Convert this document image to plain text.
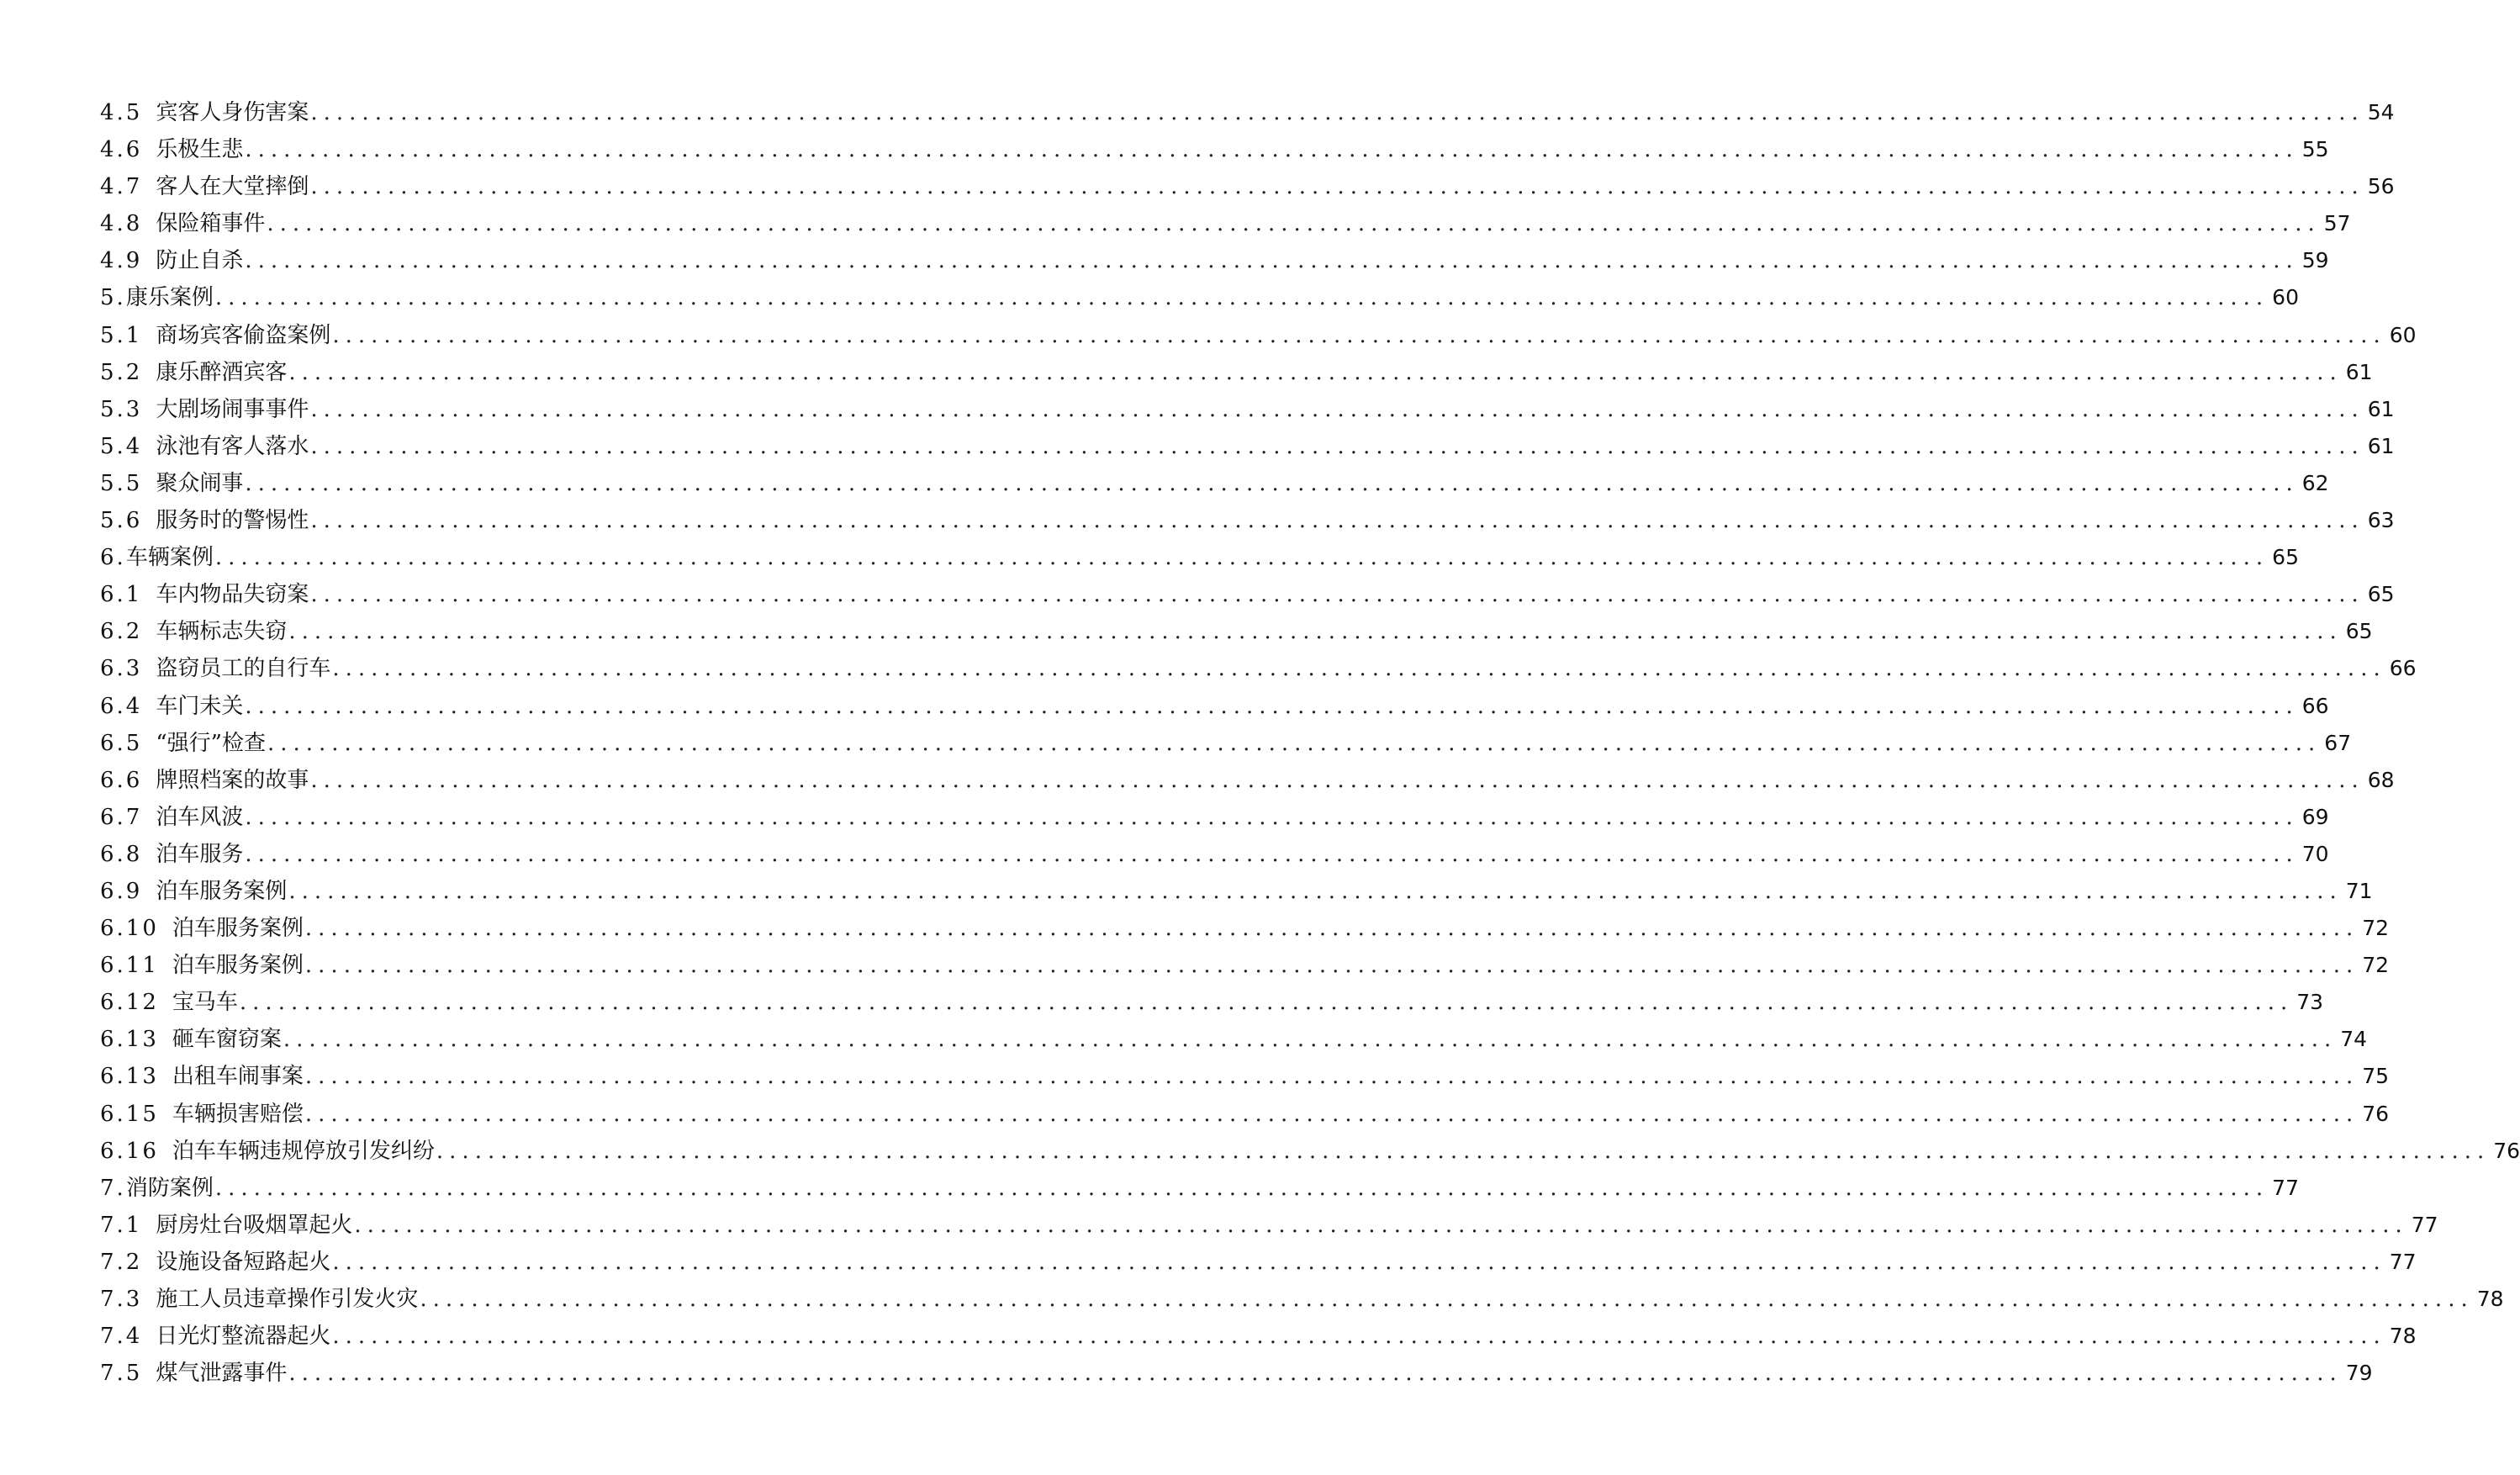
4.5 宾客人身伤害案 ................................................................................................................................................................ 54
4.6 乐极生悲 ................................................................................................................................................................ 55
4.7 客人在大堂摔倒 ................................................................................................................................................................ 56
4.8 保险箱事件 ................................................................................................................................................................ 57
4.9 防止自杀 ................................................................................................................................................................ 59
5. 康乐案例 ................................................................................................................................................................ 60
5.1 商场宾客偷盗案例 ................................................................................................................................................................ 60
5.2 康乐醉酒宾客 ................................................................................................................................................................ 61
5.3 大剧场闹事事件 ................................................................................................................................................................ 61
5.4 泳池有客人落水 ................................................................................................................................................................ 61
5.5 聚众闹事 ................................................................................................................................................................ 62
5.6 服务时的警惕性 ................................................................................................................................................................ 63
6. 车辆案例 ................................................................................................................................................................ 65
6.1 车内物品失窃案 ................................................................................................................................................................ 65
6.2 车辆标志失窃 ................................................................................................................................................................ 65
6.3 盗窃员工的自行车 ................................................................................................................................................................ 66
6.4 车门未关 ................................................................................................................................................................ 66
6.5 “强行”检查 ................................................................................................................................................................ 67
6.6 牌照档案的故事 ................................................................................................................................................................ 68
6.7 泊车风波 ................................................................................................................................................................ 69
6.8 泊车服务 ................................................................................................................................................................ 70
6.9 泊车服务案例 ................................................................................................................................................................ 71
6.10 泊车服务案例 ................................................................................................................................................................ 72
6.11 泊车服务案例 ................................................................................................................................................................ 72
6.12 宝马车 ................................................................................................................................................................ 73
6.13 砸车窗窃案 ................................................................................................................................................................ 74
6.13 出租车闹事案 ................................................................................................................................................................ 75
6.15 车辆损害赔偿 ................................................................................................................................................................ 76
6.16 泊车车辆违规停放引发纠纷 ................................................................................................................................................................ 76
7. 消防案例 ................................................................................................................................................................ 77
7.1 厨房灶台吸烟罩起火 ................................................................................................................................................................ 77
7.2 设施设备短路起火 ................................................................................................................................................................ 77
7.3 施工人员违章操作引发火灾 ................................................................................................................................................................ 78
7.4 日光灯整流器起火 ................................................................................................................................................................ 78
7.5 煤气泄露事件 ................................................................................................................................................................ 79
